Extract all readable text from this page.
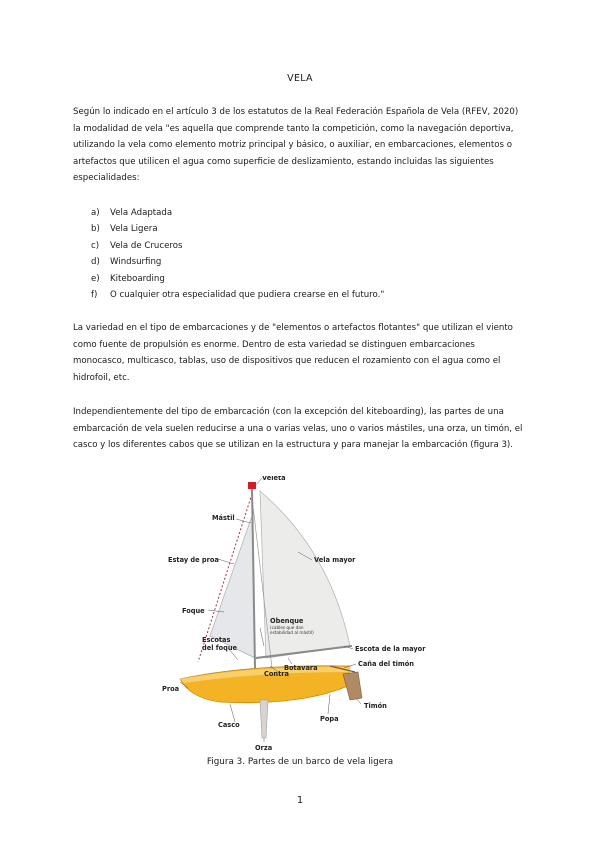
VELA

Según lo indicado en el artículo 3 de los estatutos de la Real Federación Española de Vela (RFEV, 2020) la modalidad de vela "es aquella que comprende tanto la competición, como la navegación deportiva, utilizando la vela como elemento motriz principal y básico, o auxiliar, en embarcaciones, elementos o artefactos que utilicen el agua como superficie de deslizamiento, estando incluidas las siguientes especialidades:

a)	Vela Adaptada
b)	Vela Ligera
c)	Vela de Cruceros
d)	Windsurfing
e)	Kiteboarding
f)	O cualquier otra especialidad que pudiera crearse en el futuro."

La variedad en el tipo de embarcaciones y de "elementos o artefactos flotantes" que utilizan el viento como fuente de propulsión es enorme. Dentro de esta variedad se distinguen embarcaciones monocasco, multicasco, tablas, uso de dispositivos que reducen el rozamiento con el agua como el hidrofoil, etc.

Independientemente del tipo de embarcación (con la excepción del kiteboarding), las partes de una embarcación de vela suelen reducirse a una o varias velas, uno o varios mástiles, una orza, un timón, el casco y los diferentes cabos que se utilizan en la estructura y para manejar la embarcación (figura 3).

Veleta
Mástil
Estay de proa	Vela mayor
Foque
Obenque
(cables que dan
estabilidad al mástil)
Escotas
del foque	Escota de la mayor
Caña del timón
Botavara
Contra
Proa
Timón
Casco
Popa
Orza
Figura 3. Partes de un barco de vela ligera
1
